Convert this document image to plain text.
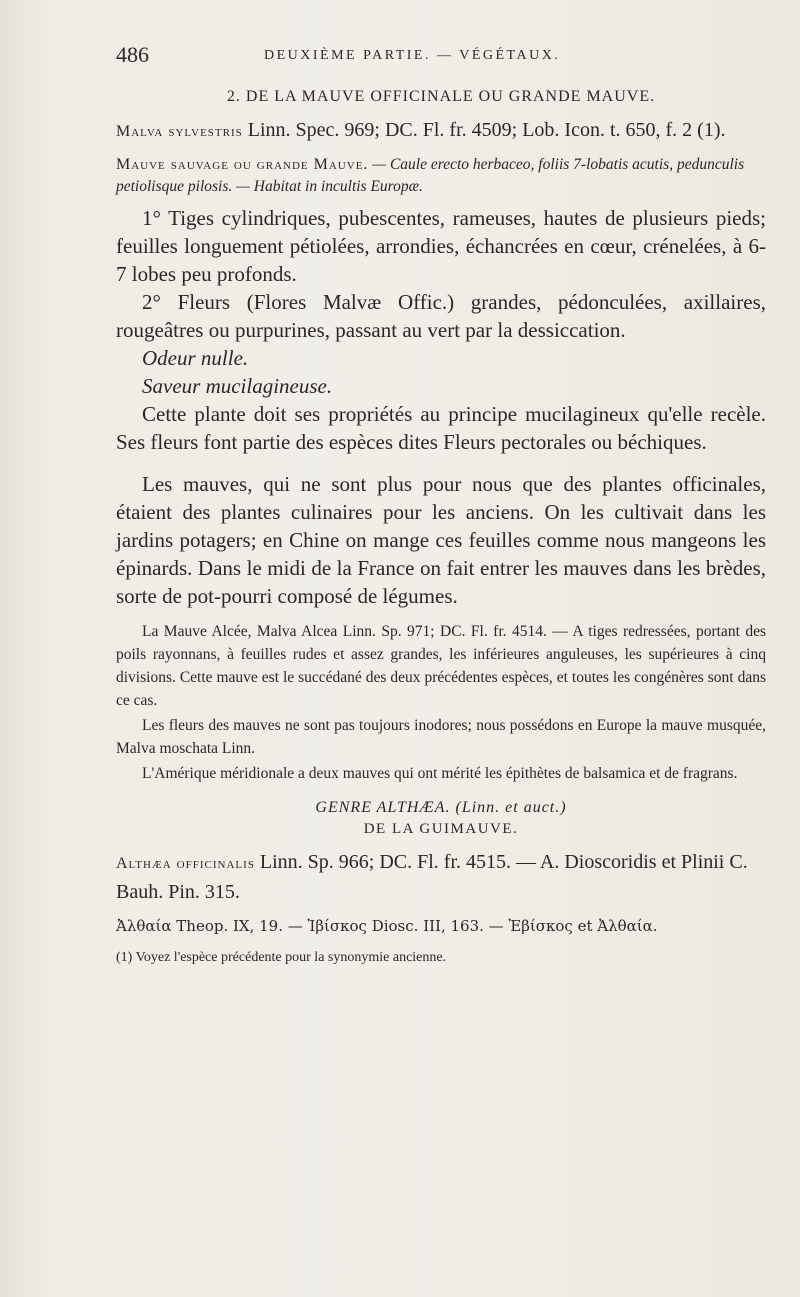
486	DEUXIÈME PARTIE. — VÉGÉTAUX.
2. DE LA MAUVE OFFICINALE OU GRANDE MAUVE.

Malva sylvestris Linn. Spec. 969; DC. Fl. fr. 4509; Lob. Icon. t. 650, f. 2 (1).

Mauve sauvage ou grande Mauve. — Caule erecto herbaceo, foliis 7-lobatis acutis, pedunculis petiolisque pilosis. — Habitat in incultis Europæ.

1° Tiges cylindriques, pubescentes, rameuses, hautes de plusieurs pieds; feuilles longuement pétiolées, arrondies, échancrées en cœur, crénelées, à 6-7 lobes peu profonds.

2° Fleurs (Flores Malvæ Offic.) grandes, pédonculées, axillaires, rougeâtres ou purpurines, passant au vert par la dessiccation.

Odeur nulle.

Saveur mucilagineuse.

Cette plante doit ses propriétés au principe mucilagineux qu'elle recèle. Ses fleurs font partie des espèces dites Fleurs pectorales ou béchiques.

Les mauves, qui ne sont plus pour nous que des plantes officinales, étaient des plantes culinaires pour les anciens. On les cultivait dans les jardins potagers; en Chine on mange ces feuilles comme nous mangeons les épinards. Dans le midi de la France on fait entrer les mauves dans les brèdes, sorte de pot-pourri composé de légumes.

La Mauve Alcée, Malva Alcea Linn. Sp. 971; DC. Fl. fr. 4514. — A tiges redressées, portant des poils rayonnans, à feuilles rudes et assez grandes, les inférieures anguleuses, les supérieures à cinq divisions. Cette mauve est le succédané des deux précédentes espèces, et toutes les congénères sont dans ce cas.

Les fleurs des mauves ne sont pas toujours inodores; nous possédons en Europe la mauve musquée, Malva moschata Linn.

L'Amérique méridionale a deux mauves qui ont mérité les épithètes de balsamica et de fragrans.

GENRE ALTHÆA. (Linn. et auct.)
DE LA GUIMAUVE.

Althæa officinalis Linn. Sp. 966; DC. Fl. fr. 4515. — A. Dioscoridis et Plinii C. Bauh. Pin. 315.

Ἀλθαία Theop. IX, 19. — Ἰβίσκος Diosc. III, 163. — Ἐβίσκος et Ἀλθαία.

(1) Voyez l'espèce précédente pour la synonymie ancienne.
